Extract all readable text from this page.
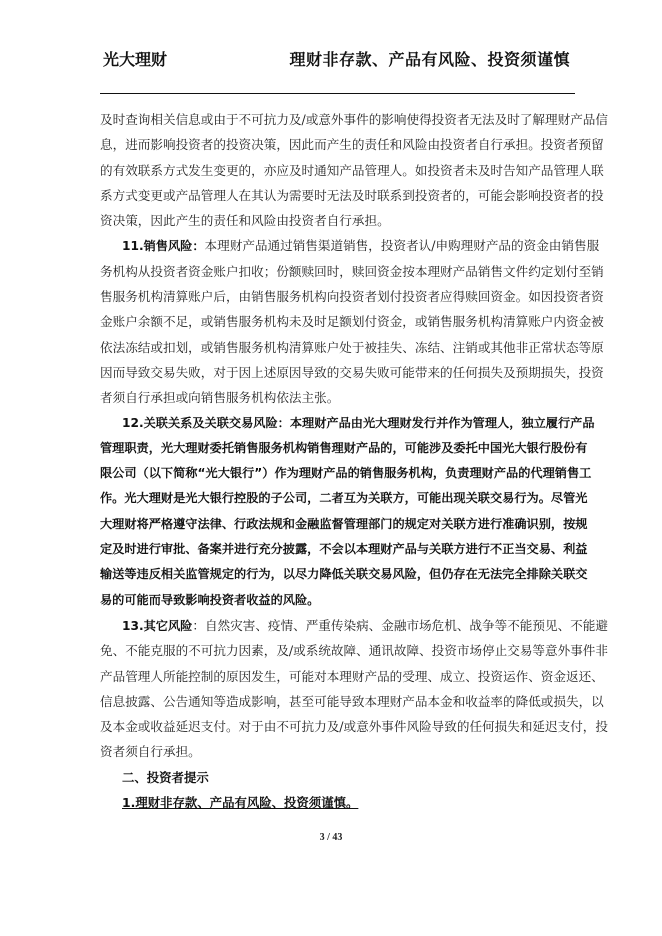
光大理财	理财非存款、产品有风险、投资须谨慎
及时查询相关信息或由于不可抗力及/或意外事件的影响使得投资者无法及时了解理财产品信
息，进而影响投资者的投资决策，因此而产生的责任和风险由投资者自行承担。投资者预留
的有效联系方式发生变更的，亦应及时通知产品管理人。如投资者未及时告知产品管理人联
系方式变更或产品管理人在其认为需要时无法及时联系到投资者的，可能会影响投资者的投
资决策，因此产生的责任和风险由投资者自行承担。
11.销售风险：本理财产品通过销售渠道销售，投资者认/申购理财产品的资金由销售服
务机构从投资者资金账户扣收；份额赎回时，赎回资金按本理财产品销售文件约定划付至销
售服务机构清算账户后，由销售服务机构向投资者划付投资者应得赎回资金。如因投资者资
金账户余额不足，或销售服务机构未及时足额划付资金，或销售服务机构清算账户内资金被
依法冻结或扣划，或销售服务机构清算账户处于被挂失、冻结、注销或其他非正常状态等原
因而导致交易失败，对于因上述原因导致的交易失败可能带来的任何损失及预期损失，投资
者须自行承担或向销售服务机构依法主张。
12.关联关系及关联交易风险：本理财产品由光大理财发行并作为管理人，独立履行产品
管理职责，光大理财委托销售服务机构销售理财产品的，可能涉及委托中国光大银行股份有
限公司（以下简称“光大银行”）作为理财产品的销售服务机构，负责理财产品的代理销售工
作。光大理财是光大银行控股的子公司，二者互为关联方，可能出现关联交易行为。尽管光
大理财将严格遵守法律、行政法规和金融监督管理部门的规定对关联方进行准确识别，按规
定及时进行审批、备案并进行充分披露，不会以本理财产品与关联方进行不正当交易、利益
输送等违反相关监管规定的行为，以尽力降低关联交易风险，但仍存在无法完全排除关联交
易的可能而导致影响投资者收益的风险。
13.其它风险：自然灾害、疫情、严重传染病、金融市场危机、战争等不能预见、不能避
免、不能克服的不可抗力因素，及/或系统故障、通讯故障、投资市场停止交易等意外事件非
产品管理人所能控制的原因发生，可能对本理财产品的受理、成立、投资运作、资金返还、
信息披露、公告通知等造成影响，甚至可能导致本理财产品本金和收益率的降低或损失，以
及本金或收益延迟支付。对于由不可抗力及/或意外事件风险导致的任何损失和延迟支付，投
资者须自行承担。
二、投资者提示
1.理财非存款、产品有风险、投资须谨慎。
3 / 43
